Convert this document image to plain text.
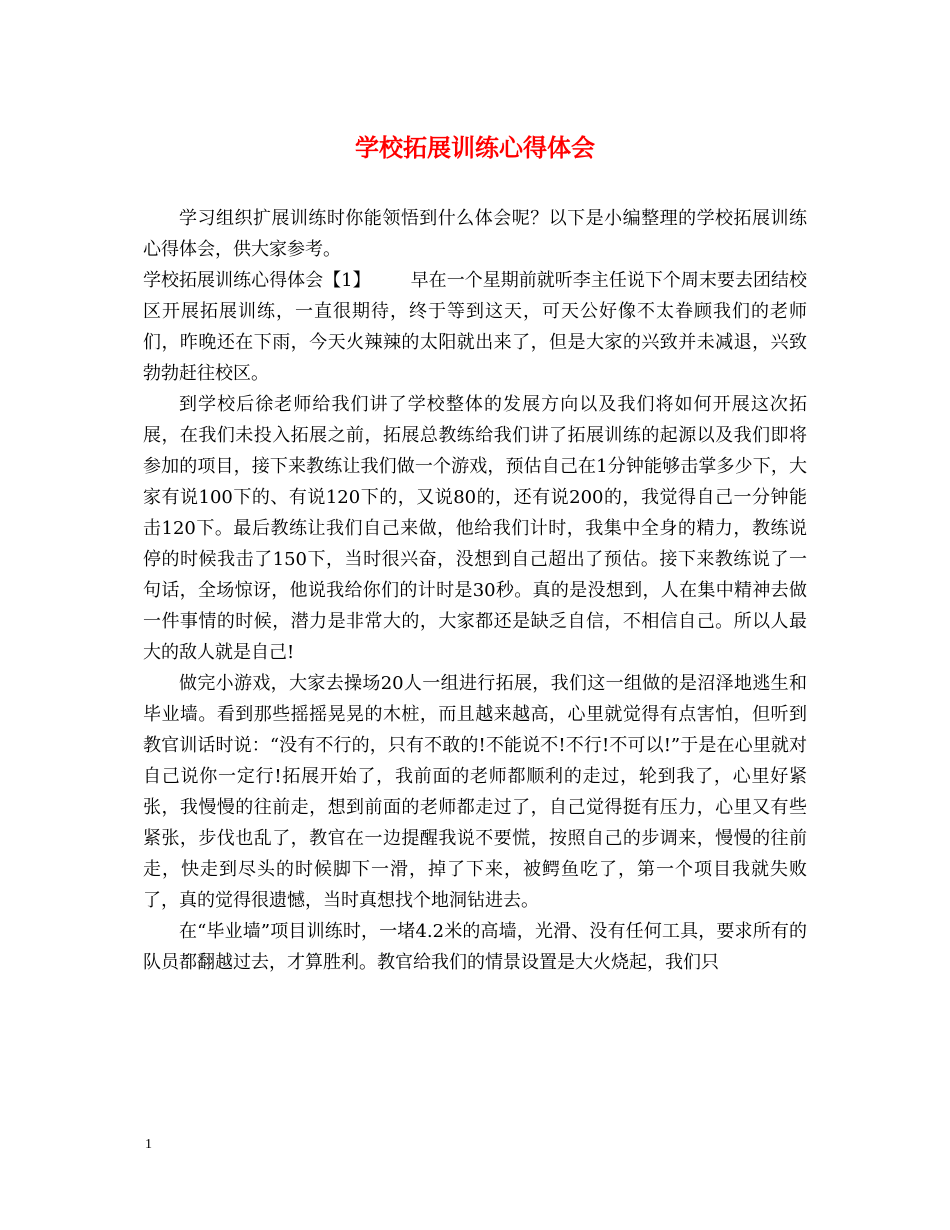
学校拓展训练心得体会

学习组织扩展训练时你能领悟到什么体会呢？以下是小编整理的学校拓展训练心得体会，供大家参考。

学校拓展训练心得体会【1】 早在一个星期前就听李主任说下个周末要去团结校区开展拓展训练，一直很期待，终于等到这天，可天公好像不太眷顾我们的老师们，昨晚还在下雨，今天火辣辣的太阳就出来了，但是大家的兴致并未减退，兴致勃勃赶往校区。

到学校后徐老师给我们讲了学校整体的发展方向以及我们将如何开展这次拓展，在我们未投入拓展之前，拓展总教练给我们讲了拓展训练的起源以及我们即将参加的项目，接下来教练让我们做一个游戏，预估自己在1分钟能够击掌多少下，大家有说100下的、有说120下的，又说80的，还有说200的，我觉得自己一分钟能击120下。最后教练让我们自己来做，他给我们计时，我集中全身的精力，教练说停的时候我击了150下，当时很兴奋，没想到自己超出了预估。接下来教练说了一句话，全场惊讶，他说我给你们的计时是30秒。真的是没想到，人在集中精神去做一件事情的时候，潜力是非常大的，大家都还是缺乏自信，不相信自己。所以人最大的敌人就是自己!

做完小游戏，大家去操场20人一组进行拓展，我们这一组做的是沼泽地逃生和毕业墙。看到那些摇摇晃晃的木桩，而且越来越高，心里就觉得有点害怕，但听到教官训话时说：“没有不行的，只有不敢的!不能说不!不行!不可以!”于是在心里就对自己说你一定行!拓展开始了，我前面的老师都顺利的走过，轮到我了，心里好紧张，我慢慢的往前走，想到前面的老师都走过了，自己觉得挺有压力，心里又有些紧张，步伐也乱了，教官在一边提醒我说不要慌，按照自己的步调来，慢慢的往前走，快走到尽头的时候脚下一滑，掉了下来，被鳄鱼吃了，第一个项目我就失败了，真的觉得很遗憾，当时真想找个地洞钻进去。

在“毕业墙”项目训练时，一堵4.2米的高墙，光滑、没有任何工具，要求所有的队员都翻越过去，才算胜利。教官给我们的情景设置是大火烧起，我们只

1
